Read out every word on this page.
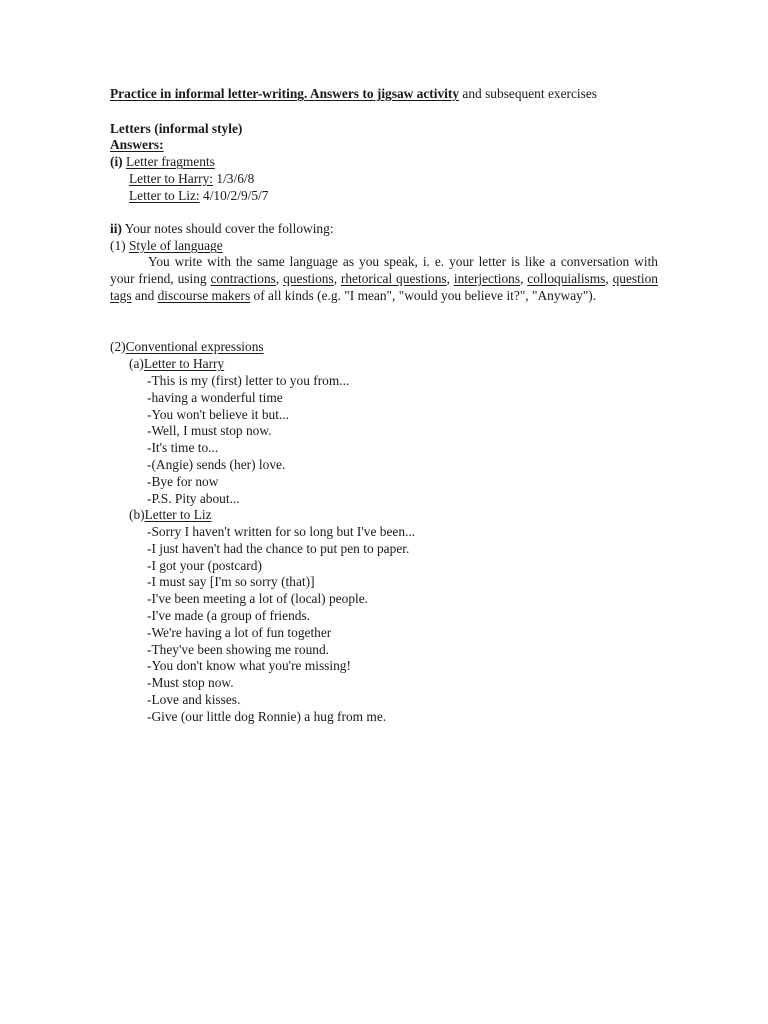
Practice in informal letter-writing. Answers to jigsaw activity and subsequent exercises
Letters (informal style)
Answers:
(i) Letter fragments
Letter to Harry: 1/3/6/8
Letter to Liz: 4/10/2/9/5/7
ii) Your notes should cover the following:
(1) Style of language
You write with the same language as you speak, i. e. your letter is like a conversation with your friend, using contractions, questions, rhetorical questions, interjections, colloquialisms, question tags and discourse makers of all kinds (e.g. "I mean", "would you believe it?", "Anyway").
(2)Conventional expressions
(a)Letter to Harry
-This is my (first) letter to you from...
-having a wonderful time
-You won't believe it but...
-Well, I must stop now.
-It's time to...
-(Angie) sends (her) love.
-Bye for now
-P.S. Pity about...
(b)Letter to Liz
-Sorry I haven't written for so long but I've been...
-I just haven't had the chance to put pen to paper.
-I got your (postcard)
-I must say [I'm so sorry (that)]
-I've been meeting a lot of (local) people.
-I've made (a group of friends.
-We're having a lot of fun together
-They've been showing me round.
-You don't know what you're missing!
-Must stop now.
-Love and kisses.
-Give (our little dog Ronnie) a hug from me.
